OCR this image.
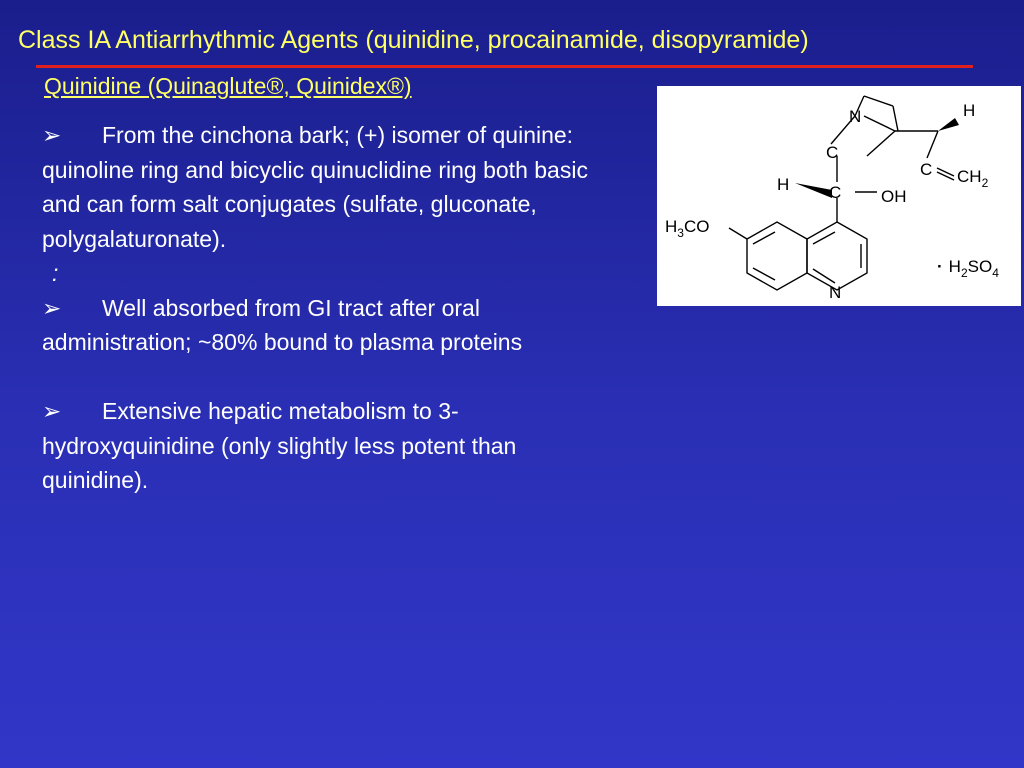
Class IA Antiarrhythmic Agents (quinidine, procainamide, disopyramide)
Quinidine (Quinaglute®, Quinidex®)

➢ From the cinchona bark; (+) isomer of quinine: quinoline ring and bicyclic quinuclidine ring both basic and can form salt conjugates (sulfate, gluconate, polygalaturonate).

:

➢ Well absorbed from GI tract after oral administration; ~80% bound to plasma proteins

➢ Extensive hepatic metabolism to 3-hydroxyquinidine (only slightly less potent than quinidine).

N	H
C
C $CH_2$
H C OH
$H_3CO$
N
· $H_2SO_4$
